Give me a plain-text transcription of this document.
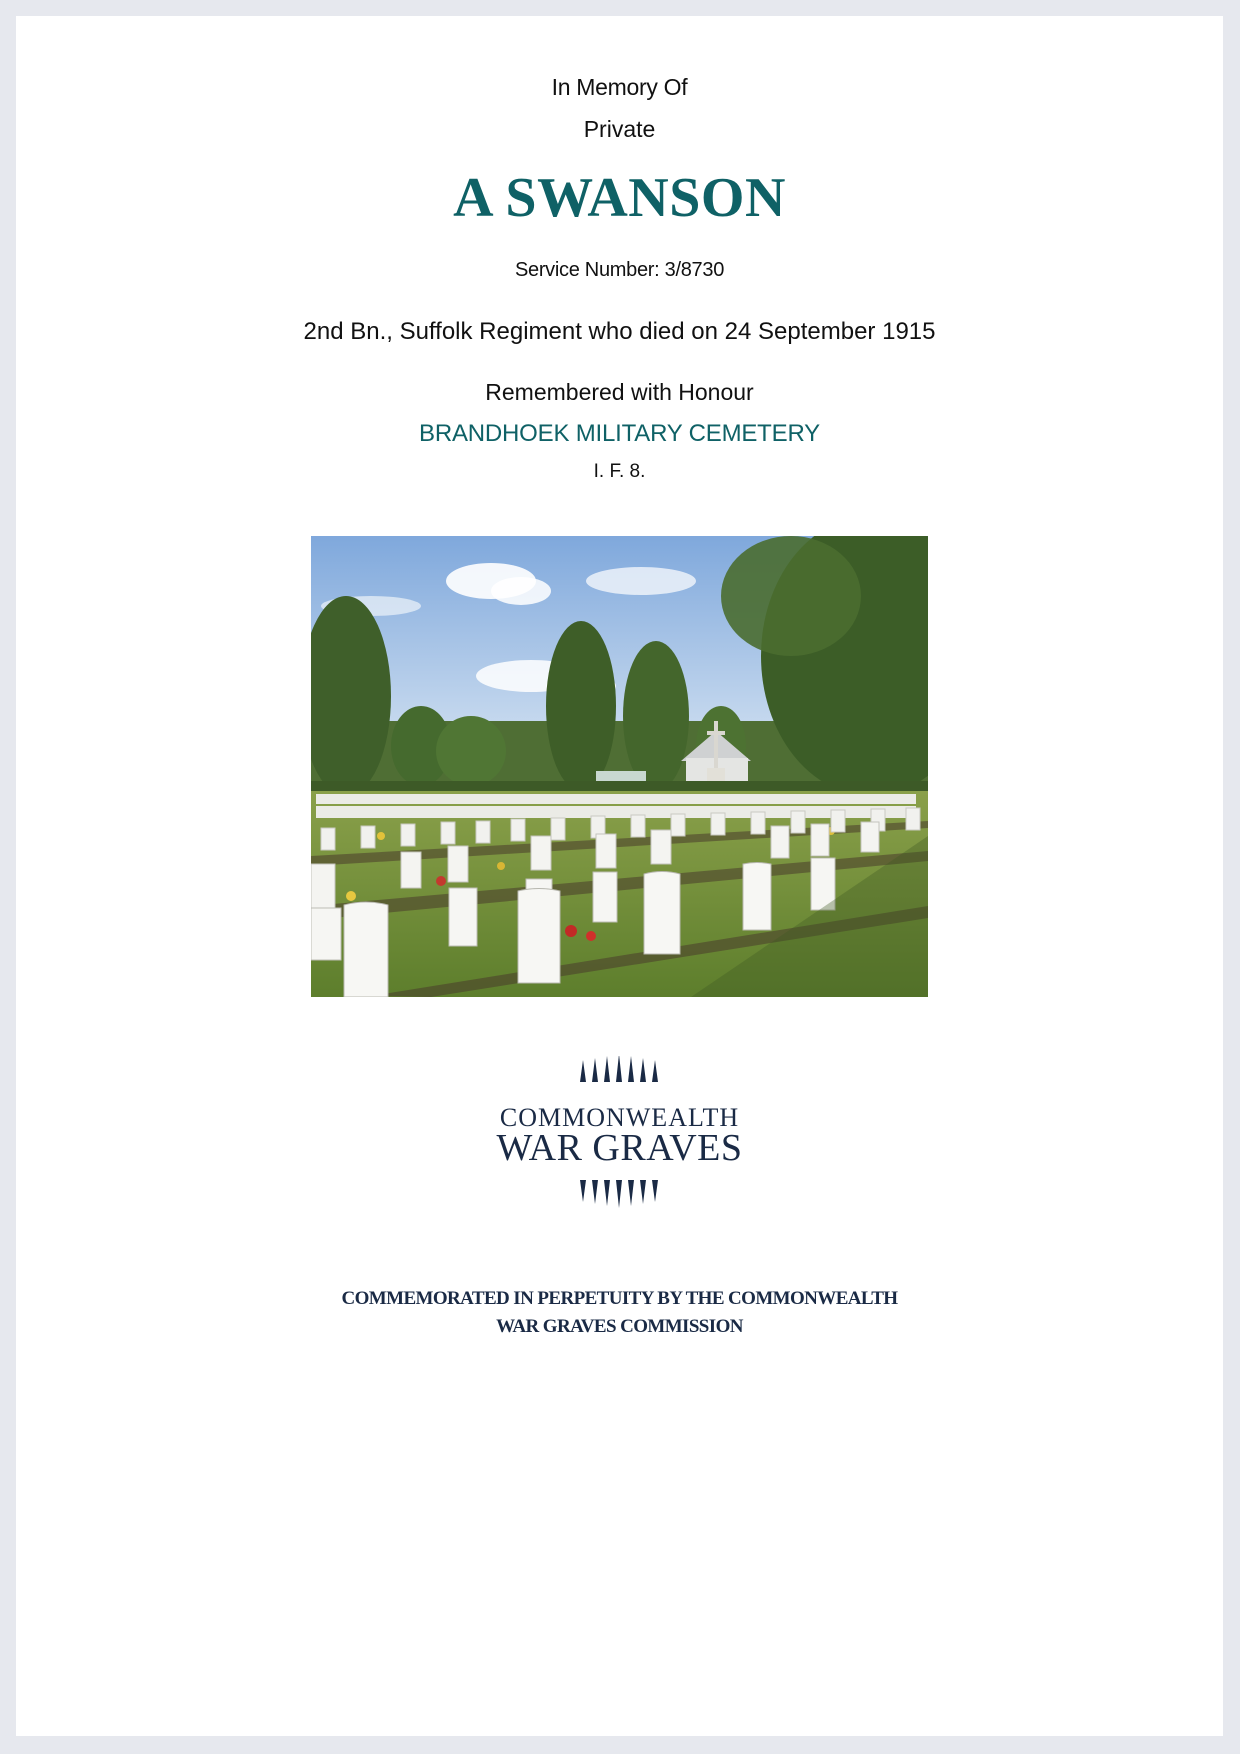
In Memory Of
Private
A SWANSON
Service Number: 3/8730
2nd Bn., Suffolk Regiment who died on 24 September 1915
Remembered with Honour
BRANDHOEK MILITARY CEMETERY
I. F. 8.
COMMONWEALTH
WAR GRAVES
COMMEMORATED IN PERPETUITY BY THE COMMONWEALTH
WAR GRAVES COMMISSION
